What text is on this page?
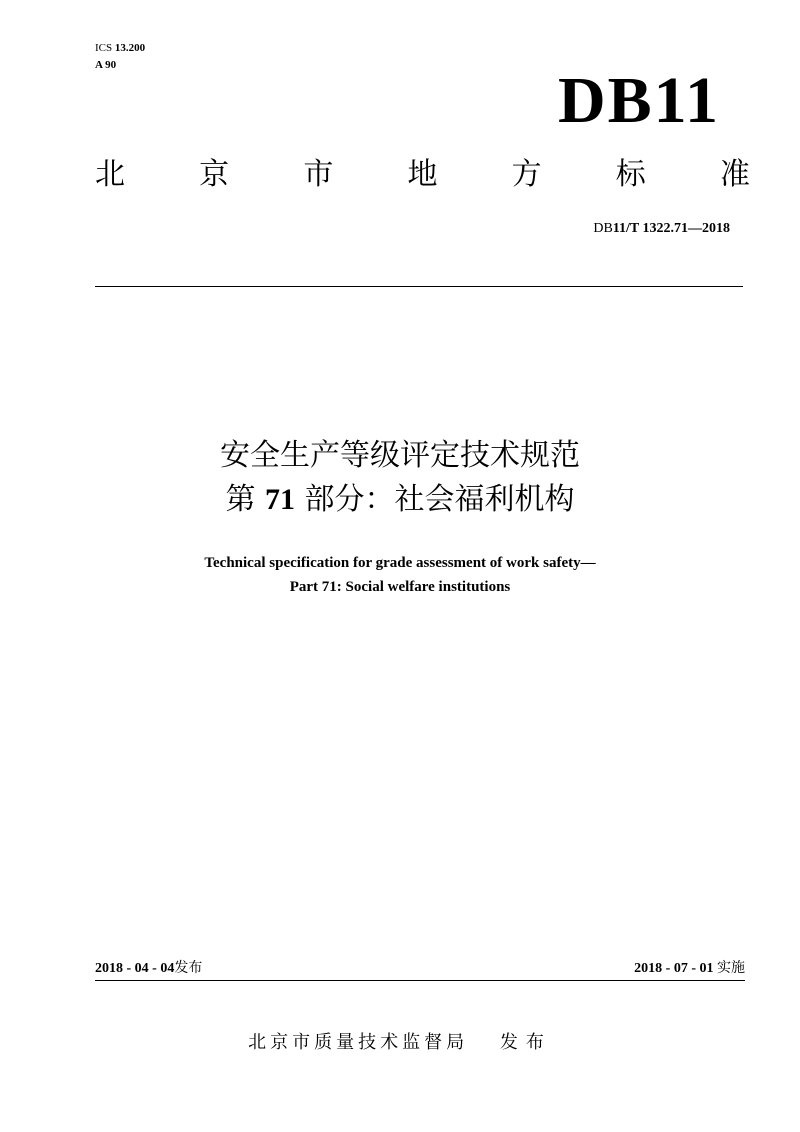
ICS 13.200
A 90	DB11
北 京 市 地 方 标 准
DB11/T 1322.71—2018
安全生产等级评定技术规范
第 71 部分：社会福利机构
Technical specification for grade assessment of work safety—
Part 71: Social welfare institutions
2018 - 04 - 04发布	2018 - 07 - 01 实施
北京市质量技术监督局 发布
